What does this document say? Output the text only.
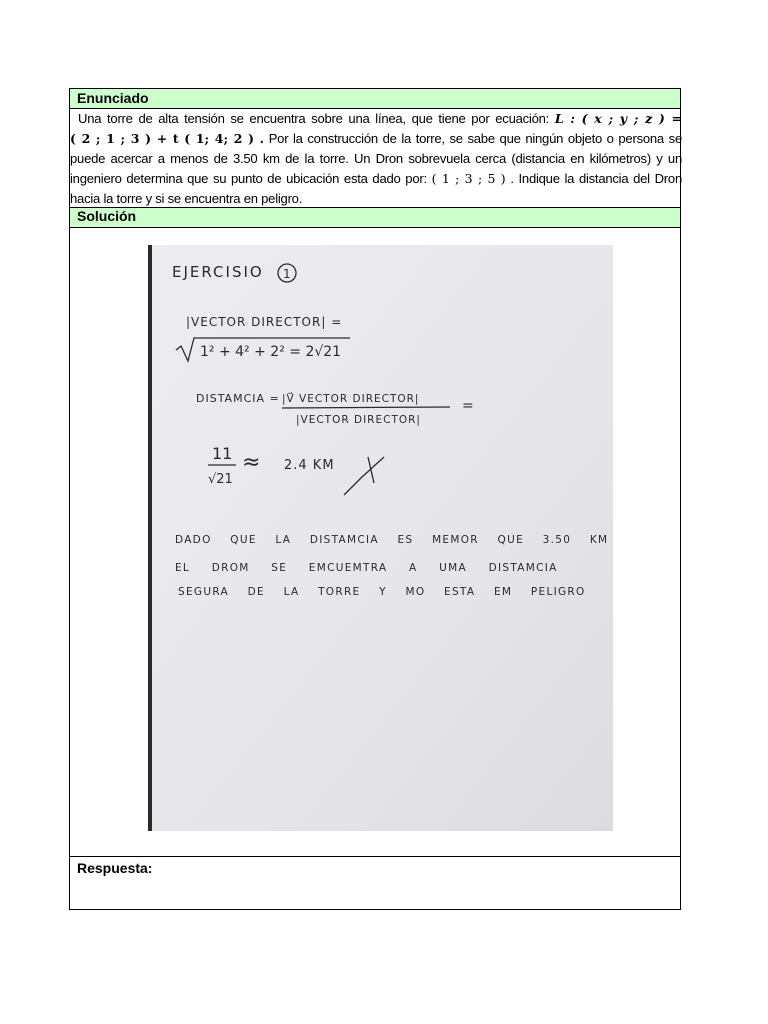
Enunciado
Una torre de alta tensión se encuentra sobre una línea, que tiene por ecuación: L : ( x ; y ; z ) =
( 2 ; 1 ; 3 ) + t ( 1; 4; 2 ) . Por la construcción de la torre, se sabe que ningún objeto o persona se
puede acercar a menos de 3.50 km de la torre. Un Dron sobrevuela cerca (distancia en kilómetros) y un
ingeniero determina que su punto de ubicación esta dado por: ( 1 ; 3 ; 5 ) . Indique la distancia del Dron
hacia la torre y si se encuentra en peligro.
Solución
EJERCISIO 1
|VECTOR DIRECTOR| =
1² + 4² + 2² = 2√21
DISTAMCIA = |V⃗ VECTOR DIRECTOR|
|VECTOR DIRECTOR|
=
11
√21
≈ 2.4 KM
DADO QUE LA DISTAMCIA ES MEMOR QUE 3.50 KM
EL DROM SE EMCUEMTRA A UMA DISTAMCIA
SEGURA DE LA TORRE Y MO ESTA EM PELIGRO
Respuesta:
